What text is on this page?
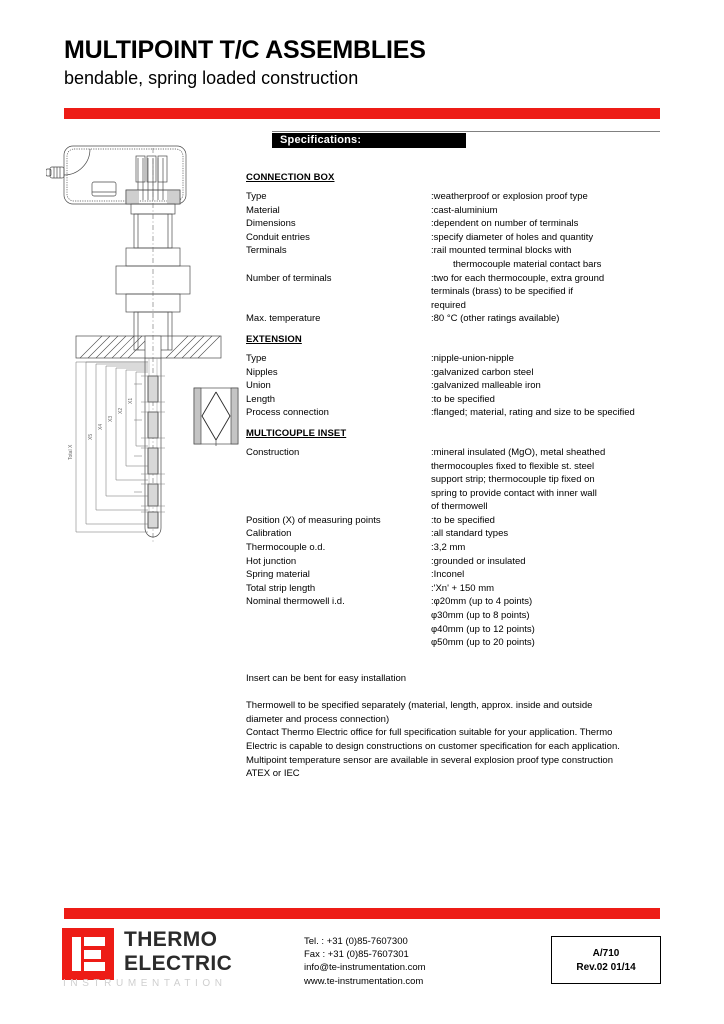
MULTIPOINT T/C ASSEMBLIES
bendable, spring loaded construction
Total X
X5
X4
X3
X2
X1
Specifications:
CONNECTION BOX
Type	:weatherproof or explosion proof type
Material	:cast-aluminium
Dimensions	:dependent on number of terminals
Conduit entries	:specify diameter of holes and quantity
Terminals	:rail mounted terminal blocks with
thermocouple material contact bars
Number of terminals	:two for each thermocouple, extra ground
terminals (brass) to be specified if
required
Max. temperature	:80 °C (other ratings available)
EXTENSION
Type	:nipple-union-nipple
Nipples	:galvanized carbon steel
Union	:galvanized malleable iron
Length	:to be specified
Process connection	:flanged; material, rating and size to be specified
MULTICOUPLE INSET
Construction	:mineral insulated (MgO), metal sheathed
thermocouples fixed to flexible st. steel
support strip; thermocouple tip fixed on
spring to provide contact with inner wall
of thermowell
Position (X) of measuring points	:to be specified
Calibration	:all standard types
Thermocouple o.d.	:3,2 mm
Hot junction	:grounded or insulated
Spring material	:Inconel
Total strip length	:'Xn' + 150 mm
Nominal thermowell i.d.	:φ20mm (up to 4 points)
φ30mm (up to 8 points)
φ40mm (up to 12 points)
φ50mm (up to 20 points)

Insert can be bent for easy installation

Thermowell to be specified separately (material, length, approx. inside and outside

diameter and process connection)

Contact Thermo Electric office for full specification suitable for your application. Thermo

Electric is capable to design constructions on customer specification for each application.

Multipoint temperature sensor are available in several explosion proof type construction

ATEX or IEC

THERMO
ELECTRIC
INSTRUMENTATION
Tel. : +31 (0)85-7607300
Fax : +31 (0)85-7607301
info@te-instrumentation.com
www.te-instrumentation.com
A/710
Rev.02 01/14
